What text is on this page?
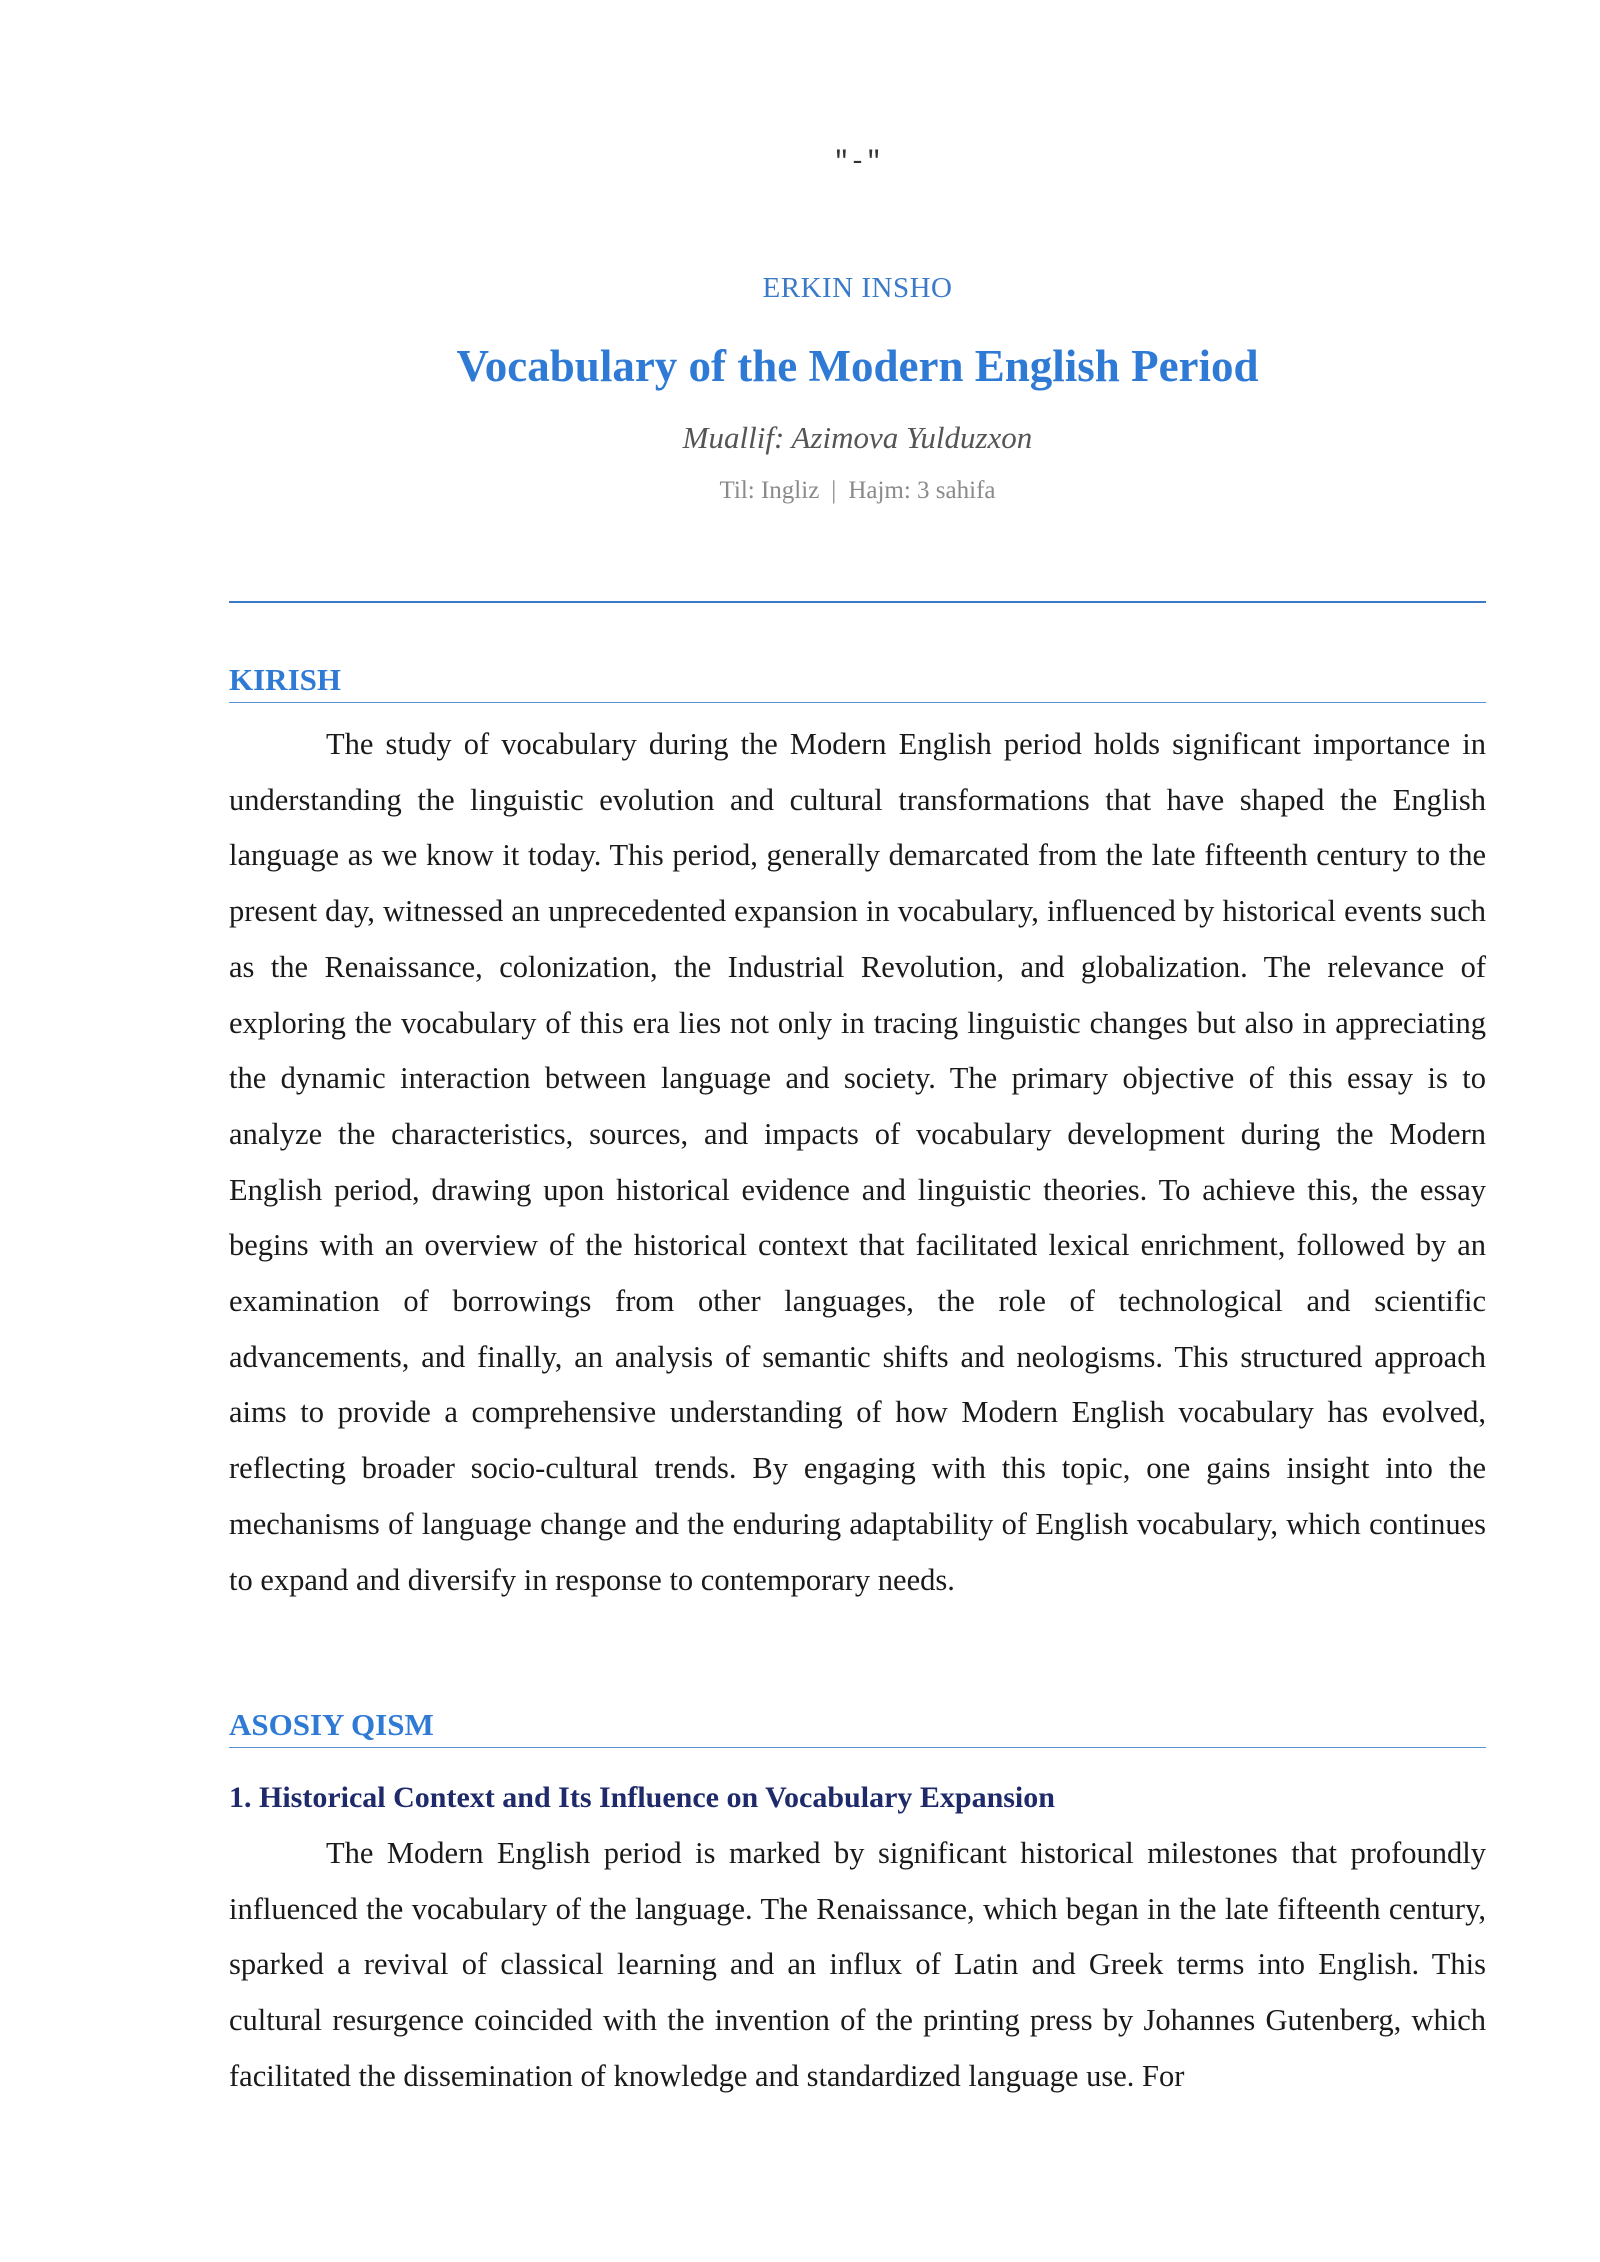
"-"
ERKIN INSHO
Vocabulary of the Modern English Period
Muallif: Azimova Yulduzxon
Til: Ingliz | Hajm: 3 sahifa
KIRISH

The study of vocabulary during the Modern English period holds significant importance in understanding the linguistic evolution and cultural transformations that have shaped the English language as we know it today. This period, generally demarcated from the late fifteenth century to the present day, witnessed an unprecedented expansion in vocabulary, influenced by historical events such as the Renaissance, colonization, the Industrial Revolution, and globalization. The relevance of exploring the vocabulary of this era lies not only in tracing linguistic changes but also in appreciating the dynamic interaction between language and society. The primary objective of this essay is to analyze the characteristics, sources, and impacts of vocabulary development during the Modern English period, drawing upon historical evidence and linguistic theories. To achieve this, the essay begins with an overview of the historical context that facilitated lexical enrichment, followed by an examination of borrowings from other languages, the role of technological and scientific advancements, and finally, an analysis of semantic shifts and neologisms. This structured approach aims to provide a comprehensive understanding of how Modern English vocabulary has evolved, reflecting broader socio-cultural trends. By engaging with this topic, one gains insight into the mechanisms of language change and the enduring adaptability of English vocabulary, which continues to expand and diversify in response to contemporary needs.

ASOSIY QISM
1. Historical Context and Its Influence on Vocabulary Expansion

The Modern English period is marked by significant historical milestones that profoundly influenced the vocabulary of the language. The Renaissance, which began in the late fifteenth century, sparked a revival of classical learning and an influx of Latin and Greek terms into English. This cultural resurgence coincided with the invention of the printing press by Johannes Gutenberg, which facilitated the dissemination of knowledge and standardized language use. For
